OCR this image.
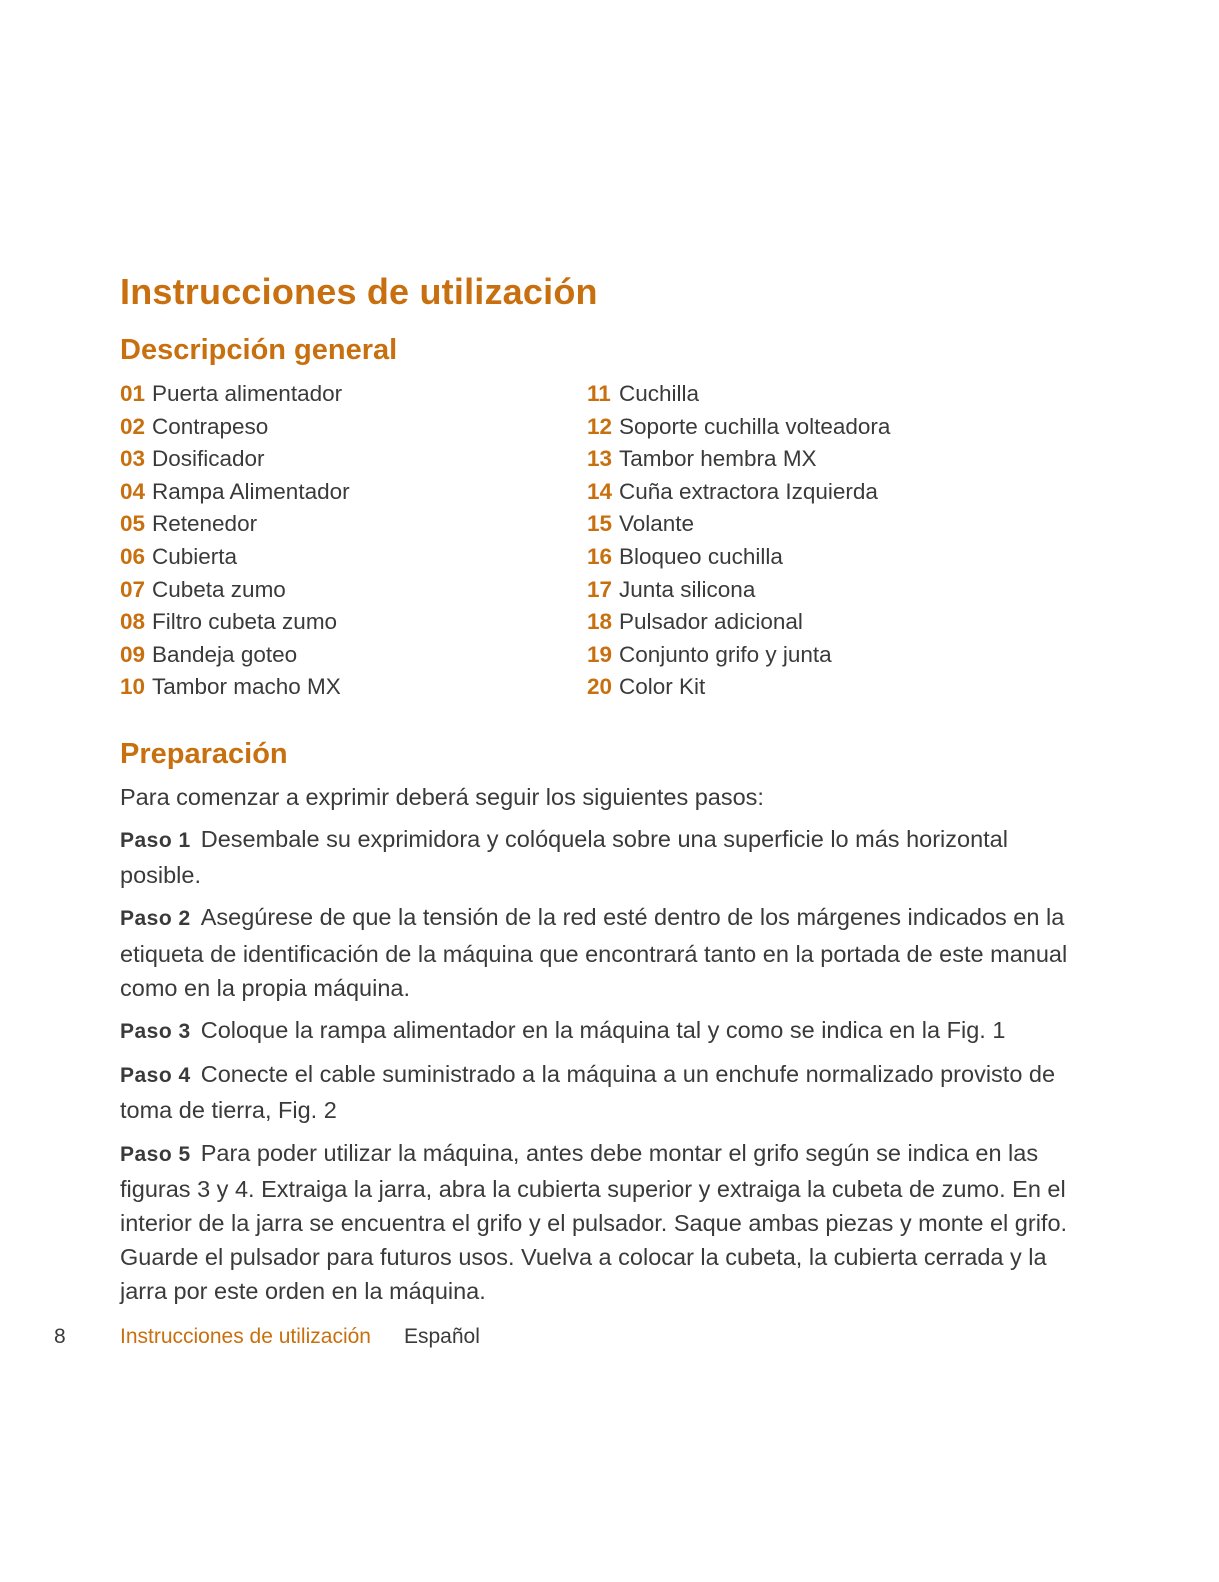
Instrucciones de utilización
Descripción general
01 Puerta alimentador
02 Contrapeso
03 Dosificador
04 Rampa Alimentador
05 Retenedor
06 Cubierta
07 Cubeta zumo
08 Filtro cubeta zumo
09 Bandeja goteo
10 Tambor macho MX
11 Cuchilla
12 Soporte cuchilla volteadora
13 Tambor hembra MX
14 Cuña extractora Izquierda
15 Volante
16 Bloqueo cuchilla
17 Junta silicona
18 Pulsador adicional
19 Conjunto grifo y junta
20 Color Kit
Preparación

Para comenzar a exprimir deberá seguir los siguientes pasos:

Paso 1 Desembale su exprimidora y colóquela sobre una superficie lo más horizontal posible.

Paso 2 Asegúrese de que la tensión de la red esté dentro de los márgenes indicados en la etiqueta de identificación de la máquina que encontrará tanto en la portada de este manual como en la propia máquina.

Paso 3 Coloque la rampa alimentador en la máquina tal y como se indica en la Fig. 1

Paso 4 Conecte el cable suministrado a la máquina a un enchufe normalizado provisto de toma de tierra, Fig. 2

Paso 5 Para poder utilizar la máquina, antes debe montar el grifo según se indica en las figuras 3 y 4. Extraiga la jarra, abra la cubierta superior y extraiga la cubeta de zumo. En el interior de la jarra se encuentra el grifo y el pulsador. Saque ambas piezas y monte el grifo. Guarde el pulsador para futuros usos. Vuelva a colocar la cubeta, la cubierta cerrada y la jarra por este orden en la máquina.

8	Instrucciones de utilización Español
